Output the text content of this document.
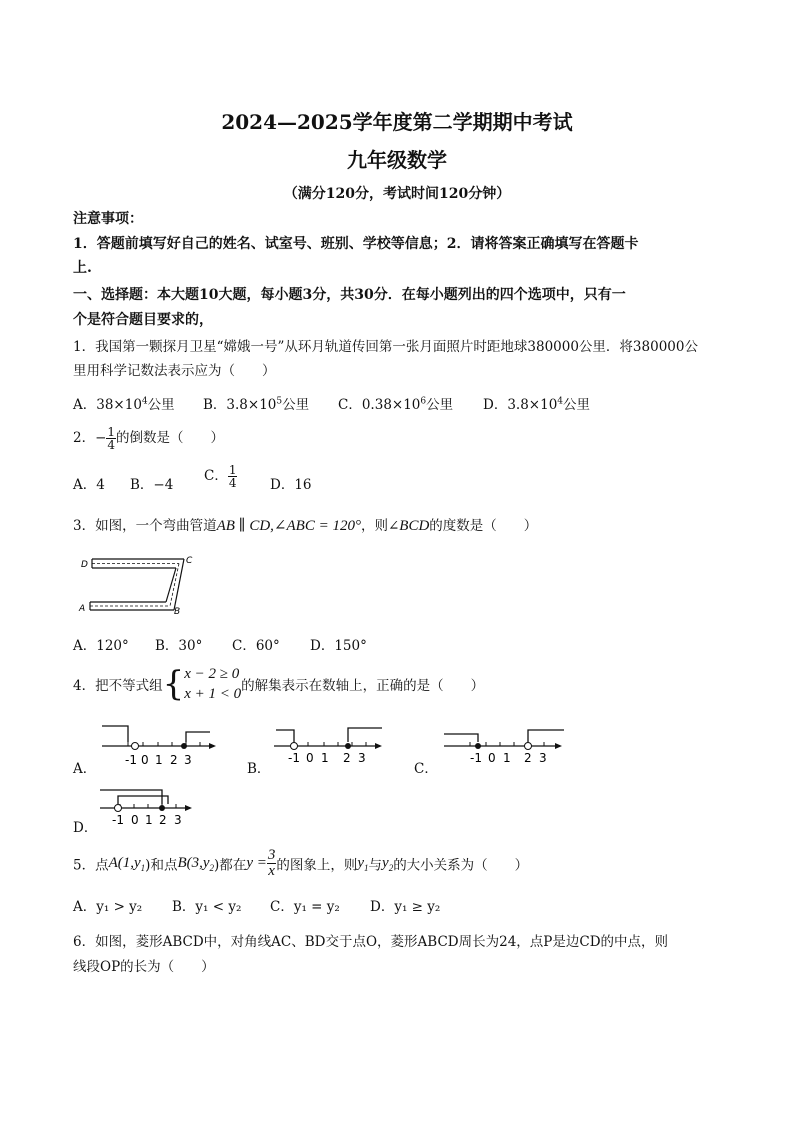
2024—2025学年度第二学期期中考试
九年级数学
（满分120分，考试时间120分钟）
注意事项：
1．答题前填写好自己的姓名、试室号、班别、学校等信息；2．请将答案正确填写在答题卡
上.
一、选择题：本大题10大题，每小题3分，共30分．在每小题列出的四个选项中，只有一
个是符合题目要求的，
1．我国第一颗探月卫星“嫦娥一号”从环月轨道传回第一张月面照片时距地球380000公里．将380000公
里用科学记数法表示应为（　　）
A．$38\times 10^4$公里 B．$3.8\times 10^5$公里 C．$0.38\times 10^6$公里 D．$3.8\times 10^4$公里
2．− $\frac{1}{4}$ 的倒数是（　　）
A．4 B．−4
C． $\frac{1}{4}$ D．16
3．如图，一个弯曲管道AB ∥ CD,∠ABC = 120°，则∠BCD的度数是（　　）
D	C
A	B
A．120° B．30° C．60° D．150°
4．把不等式组{ x − 2 ≥ 0
x + 1 < 0 的解集表示在数轴上，正确的是（　　）
A．	B．	C．
D．
-1 0 1 2 3	-1 0 1 2 3	-1 0 1 2 3
-1 0 1 2 3
5．点$A(1,y_1)$和点$B(3,y_2)$都在$y = \frac{3}{x}$ 的图象上，则$y_1$与$y_2$的大小关系为（　　）
A．y₁ > y₂ B．y₁ < y₂ C．y₁ = y₂ D．y₁ ≥ y₂
6．如图，菱形ABCD中，对角线AC、BD交于点O，菱形ABCD周长为24，点P是边CD的中点，则
线段OP的长为（　　）
